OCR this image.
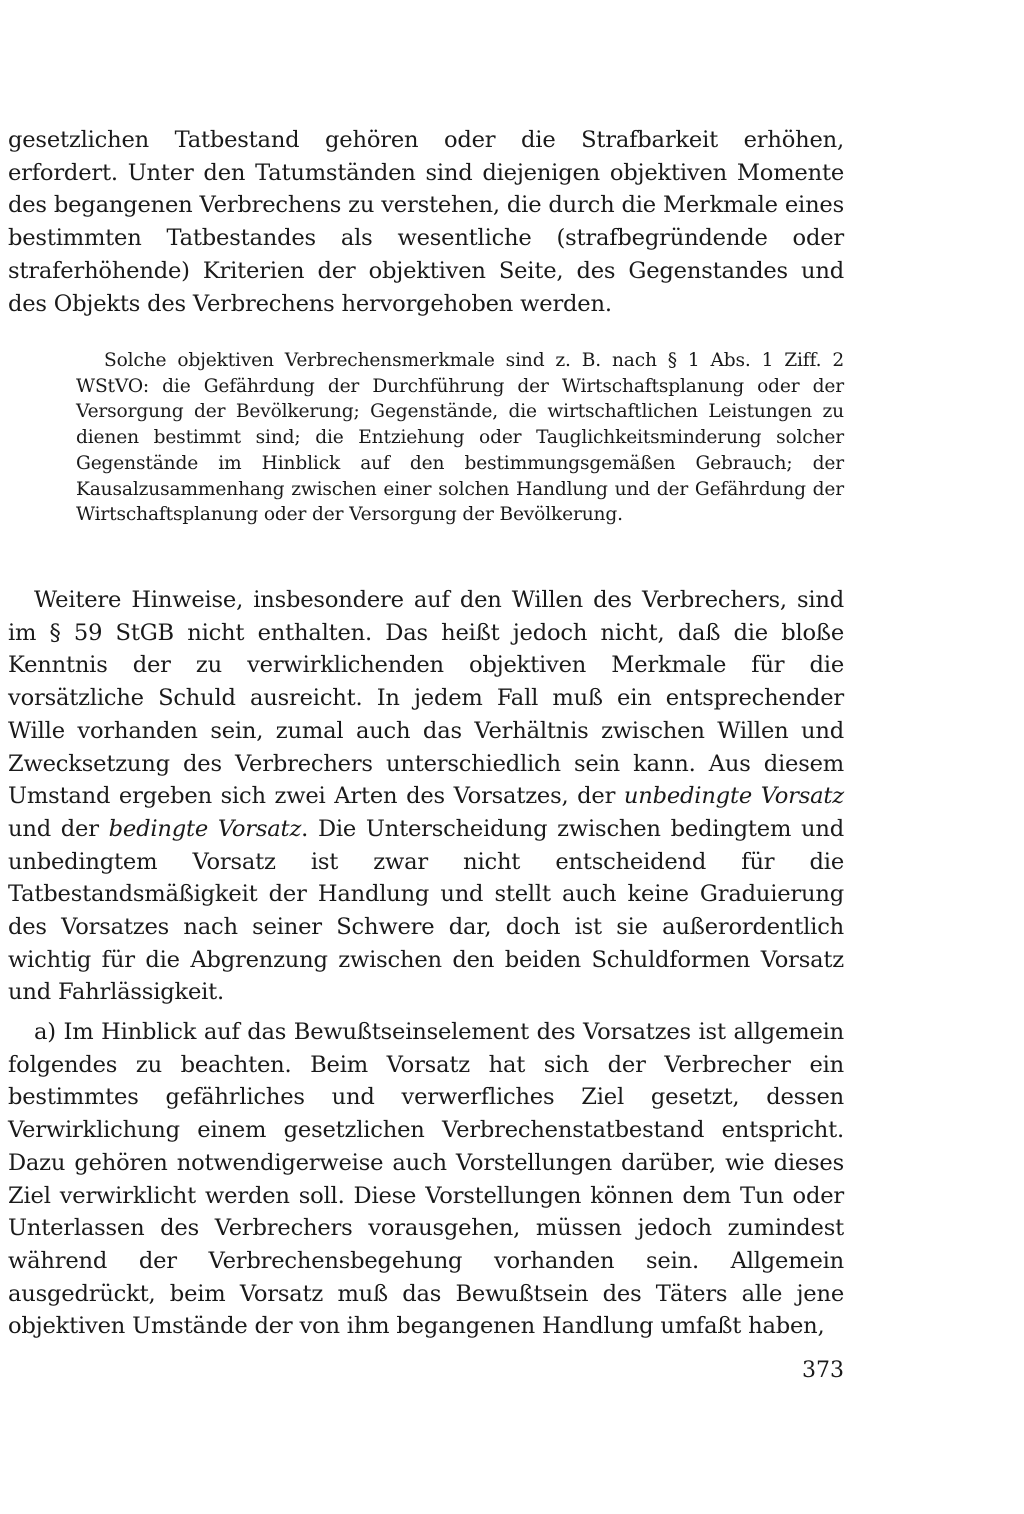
gesetzlichen Tatbestand gehören oder die Strafbarkeit erhöhen, erfordert. Unter den Tatumständen sind diejenigen objektiven Momente des begangenen Verbrechens zu verstehen, die durch die Merkmale eines bestimmten Tatbestandes als wesentliche (strafbegründende oder straferhöhende) Kriterien der objektiven Seite, des Gegenstandes und des Objekts des Verbrechens hervorgehoben werden.

Solche objektiven Verbrechensmerkmale sind z. B. nach § 1 Abs. 1 Ziff. 2 WStVO: die Gefährdung der Durchführung der Wirtschaftsplanung oder der Versorgung der Bevölkerung; Gegenstände, die wirtschaftlichen Leistungen zu dienen bestimmt sind; die Entziehung oder Tauglichkeitsminderung solcher Gegenstände im Hinblick auf den bestimmungsgemäßen Gebrauch; der Kausalzusammenhang zwischen einer solchen Handlung und der Gefährdung der Wirtschaftsplanung oder der Versorgung der Bevölkerung.

Weitere Hinweise, insbesondere auf den Willen des Verbrechers, sind im § 59 StGB nicht enthalten. Das heißt jedoch nicht, daß die bloße Kenntnis der zu verwirklichenden objektiven Merkmale für die vorsätzliche Schuld ausreicht. In jedem Fall muß ein entsprechender Wille vorhanden sein, zumal auch das Verhältnis zwischen Willen und Zwecksetzung des Verbrechers unterschiedlich sein kann. Aus diesem Umstand ergeben sich zwei Arten des Vorsatzes, der unbedingte Vorsatz und der bedingte Vorsatz. Die Unterscheidung zwischen bedingtem und unbedingtem Vorsatz ist zwar nicht entscheidend für die Tatbestandsmäßigkeit der Handlung und stellt auch keine Graduierung des Vorsatzes nach seiner Schwere dar, doch ist sie außerordentlich wichtig für die Abgrenzung zwischen den beiden Schuldformen Vorsatz und Fahrlässigkeit.

a) Im Hinblick auf das Bewußtseinselement des Vorsatzes ist allgemein folgendes zu beachten. Beim Vorsatz hat sich der Verbrecher ein bestimmtes gefährliches und verwerfliches Ziel gesetzt, dessen Verwirklichung einem gesetzlichen Verbrechenstatbestand entspricht. Dazu gehören notwendigerweise auch Vorstellungen darüber, wie dieses Ziel verwirklicht werden soll. Diese Vorstellungen können dem Tun oder Unterlassen des Verbrechers vorausgehen, müssen jedoch zumindest während der Verbrechensbegehung vorhanden sein. Allgemein ausgedrückt, beim Vorsatz muß das Bewußtsein des Täters alle jene objektiven Umstände der von ihm begangenen Handlung umfaßt haben,

373
